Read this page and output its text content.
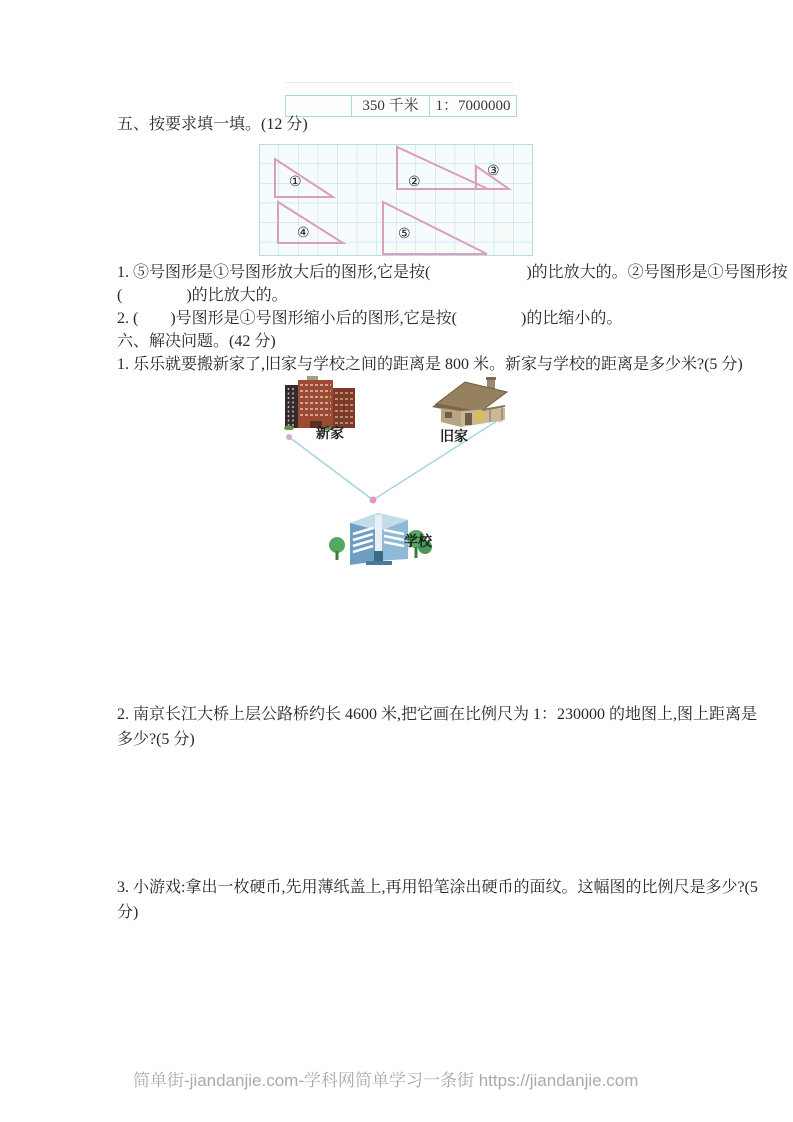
350 千米	1：7000000
五、按要求填一填。(12 分)
①	②
③
④	⑤
1. ⑤号图形是①号图形放大后的图形,它是按(　　　　　　)的比放大的。②号图形是①号图形按
(　　　　)的比放大的。
2. (　　)号图形是①号图形缩小后的图形,它是按(　　　　)的比缩小的。
六、解决问题。(42 分)
1. 乐乐就要搬新家了,旧家与学校之间的距离是 800 米。新家与学校的距离是多少米?(5 分)
新家	旧家
学校
2. 南京长江大桥上层公路桥约长 4600 米,把它画在比例尺为 1：230000 的地图上,图上距离是
多少?(5 分)
3. 小游戏:拿出一枚硬币,先用薄纸盖上,再用铅笔涂出硬币的面纹。这幅图的比例尺是多少?(5
分)
简单街-jiandanjie.com-学科网简单学习一条街 https://jiandanjie.com
